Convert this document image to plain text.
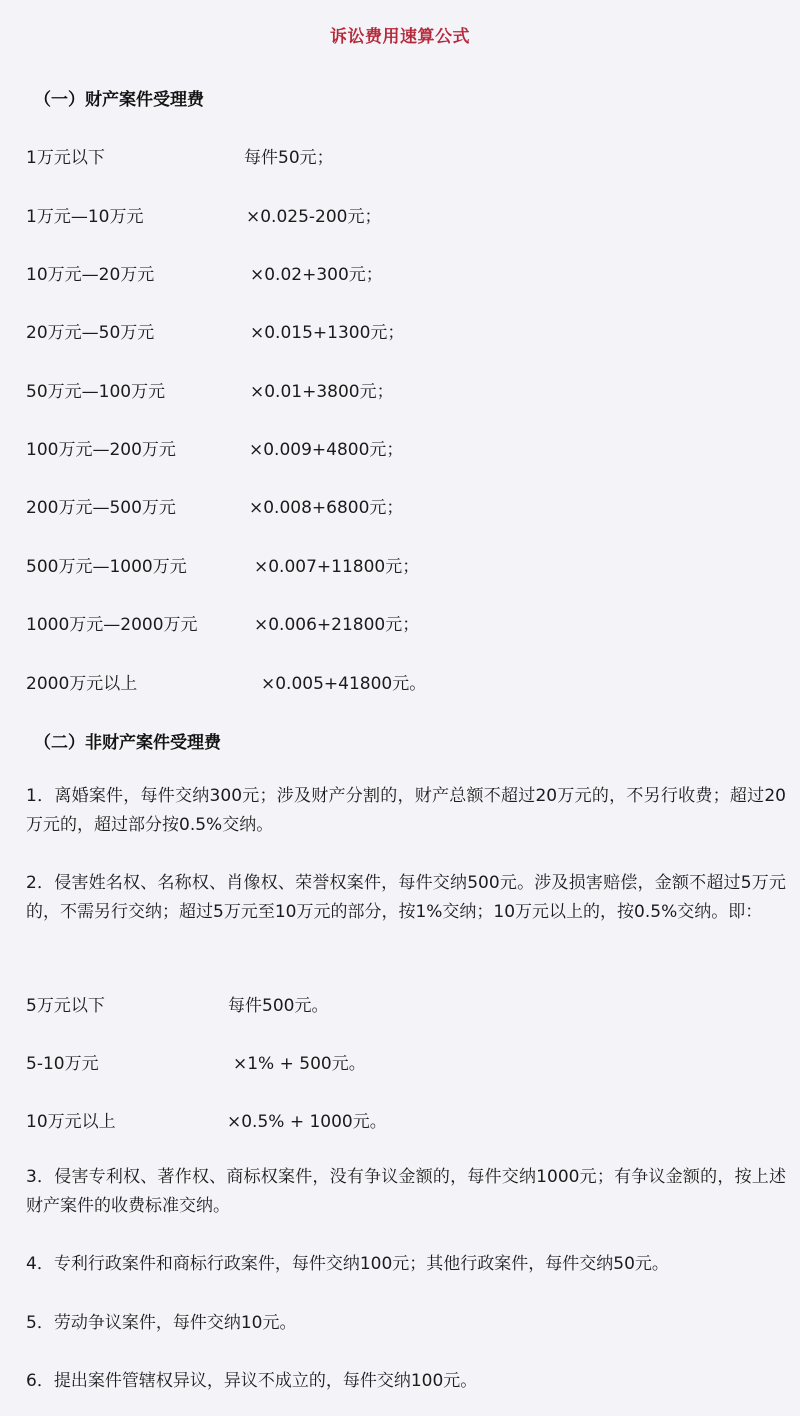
诉讼费用速算公式
（一）财产案件受理费
1万元以下	每件50元；
1万元—10万元	×0.025-200元；
10万元—20万元	×0.02+300元；
20万元—50万元	×0.015+1300元；
50万元—100万元	×0.01+3800元；
100万元—200万元	×0.009+4800元；
200万元—500万元	×0.008+6800元；
500万元—1000万元	×0.007+11800元；
1000万元—2000万元	×0.006+21800元；
2000万元以上	×0.005+41800元。
（二）非财产案件受理费
1．离婚案件，每件交纳300元；涉及财产分割的，财产总额不超过20万元的，不另行收费；超过20万元的，超过部分按0.5%交纳。
2．侵害姓名权、名称权、肖像权、荣誉权案件，每件交纳500元。涉及损害赔偿，金额不超过5万元的，不需另行交纳；超过5万元至10万元的部分，按1%交纳；10万元以上的，按0.5%交纳。即：
5万元以下	每件500元。
5-10万元	×1% + 500元。
10万元以上	×0.5% + 1000元。
3．侵害专利权、著作权、商标权案件，没有争议金额的，每件交纳1000元；有争议金额的，按上述财产案件的收费标准交纳。
4．专利行政案件和商标行政案件，每件交纳100元；其他行政案件，每件交纳50元。
5．劳动争议案件，每件交纳10元。
6．提出案件管辖权异议，异议不成立的，每件交纳100元。
